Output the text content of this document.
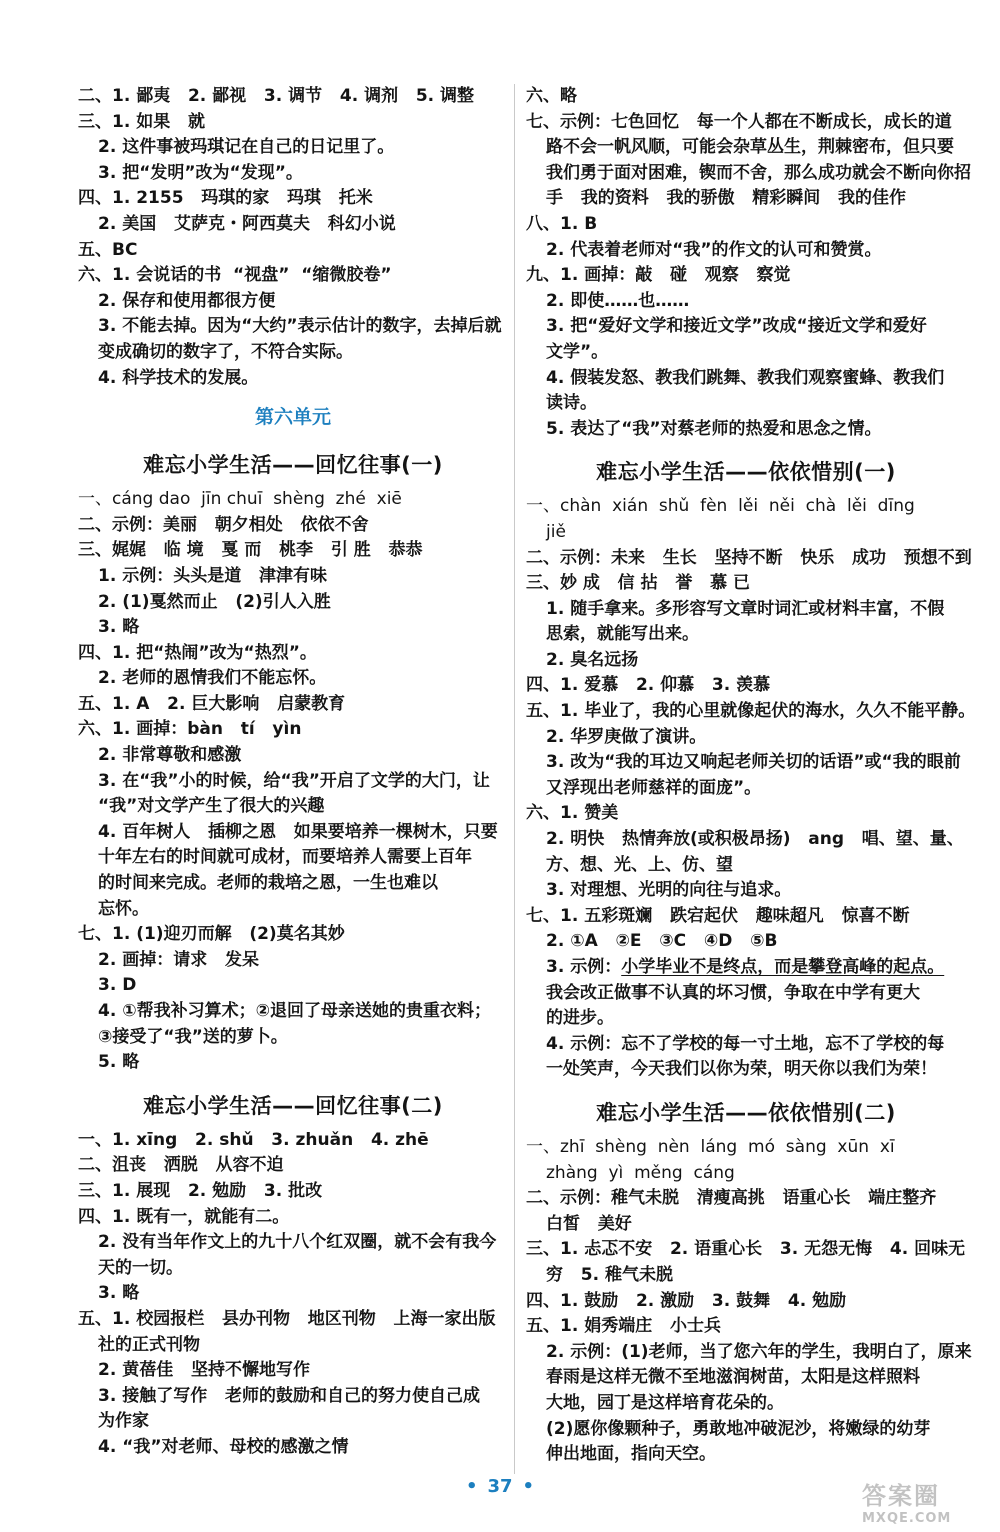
二、1. 鄙夷   2. 鄙视   3. 调节   4. 调剂   5. 调整
三、1. 如果   就
2. 这件事被玛琪记在自己的日记里了。
3. 把“发明”改为“发现”。
四、1. 2155   玛琪的家   玛琪   托米
2. 美国   艾萨克・阿西莫夫   科幻小说
五、BC
六、1. 会说话的书  “视盘”  “缩微胶卷”
2. 保存和使用都很方便
3. 不能去掉。因为“大约”表示估计的数字，去掉后就
变成确切的数字了，不符合实际。
4. 科学技术的发展。
第六单元
难忘小学生活——回忆往事(一)
一、cáng dao  jīn chuī  shèng  zhé  xiē
二、示例：美丽   朝夕相处   依依不舍
三、娓娓   临 境   戛 而   桃李   引 胜   恭恭
1. 示例：头头是道   津津有味
2. (1)戛然而止   (2)引人入胜
3. 略
四、1. 把“热闹”改为“热烈”。
2. 老师的恩情我们不能忘怀。
五、1. A   2. 巨大影响   启蒙教育
六、1. 画掉：bàn   tí   yìn
2. 非常尊敬和感激
3. 在“我”小的时候，给“我”开启了文学的大门，让
“我”对文学产生了很大的兴趣
4. 百年树人   插柳之恩   如果要培养一棵树木，只要
十年左右的时间就可成材，而要培养人需要上百年
的时间来完成。老师的栽培之恩，一生也难以
忘怀。
七、1. (1)迎刃而解   (2)莫名其妙
2. 画掉：请求   发呆
3. D
4. ①帮我补习算术；②退回了母亲送她的贵重衣料；
③接受了“我”送的萝卜。
5. 略
难忘小学生活——回忆往事(二)
一、1. xīng   2. shǔ   3. zhuǎn   4. zhē
二、沮丧   洒脱   从容不迫
三、1. 展现   2. 勉励   3. 批改
四、1. 既有一，就能有二。
2. 没有当年作文上的九十八个红双圈，就不会有我今
天的一切。
3. 略
五、1. 校园报栏   县办刊物   地区刊物   上海一家出版
社的正式刊物
2. 黄蓓佳   坚持不懈地写作
3. 接触了写作   老师的鼓励和自己的努力使自己成
为作家
4. “我”对老师、母校的感激之情
六、略
七、示例：七色回忆   每一个人都在不断成长，成长的道
路不会一帆风顺，可能会杂草丛生，荆棘密布，但只要
我们勇于面对困难，锲而不舍，那么成功就会不断向你招
手   我的资料   我的骄傲   精彩瞬间   我的佳作
八、1. B
2. 代表着老师对“我”的作文的认可和赞赏。
九、1. 画掉：敲   碰   观察   察觉
2. 即使……也……
3. 把“爱好文学和接近文学”改成“接近文学和爱好
文学”。
4. 假装发怒、教我们跳舞、教我们观察蜜蜂、教我们
读诗。
5. 表达了“我”对蔡老师的热爱和思念之情。
难忘小学生活——依依惜别(一)
一、chàn  xián  shǔ  fèn  lěi  něi  chà  lěi  dīng
jiě
二、示例：未来   生长   坚持不断   快乐   成功   预想不到
三、妙 成   信 拈   誉   慕 已
1. 随手拿来。多形容写文章时词汇或材料丰富，不假
思索，就能写出来。
2. 臭名远扬
四、1. 爱慕   2. 仰慕   3. 羡慕
五、1. 毕业了，我的心里就像起伏的海水，久久不能平静。
2. 华罗庚做了演讲。
3. 改为“我的耳边又响起老师关切的话语”或“我的眼前
又浮现出老师慈祥的面庞”。
六、1. 赞美
2. 明快   热情奔放(或积极昂扬)   ang   唱、望、量、
方、想、光、上、仿、望
3. 对理想、光明的向往与追求。
七、1. 五彩斑斓   跌宕起伏   趣味超凡   惊喜不断
2. ①A   ②E   ③C   ④D   ⑤B
3. 示例：小学毕业不是终点，而是攀登高峰的起点。
我会改正做事不认真的坏习惯，争取在中学有更大
的进步。
4. 示例：忘不了学校的每一寸土地，忘不了学校的每
一处笑声，今天我们以你为荣，明天你以我们为荣！
难忘小学生活——依依惜别(二)
一、zhī  shèng  nèn  láng  mó  sàng  xūn  xī
zhàng  yì  měng  cáng
二、示例：稚气未脱   清瘦高挑   语重心长   端庄整齐
白皙   美好
三、1. 忐忑不安   2. 语重心长   3. 无怨无悔   4. 回味无
穷   5. 稚气未脱
四、1. 鼓励   2. 激励   3. 鼓舞   4. 勉励
五、1. 娟秀端庄   小士兵
2. 示例：(1)老师，当了您六年的学生，我明白了，原来
春雨是这样无微不至地滋润树苗，太阳是这样照料
大地，园丁是这样培育花朵的。
(2)愿你像颗种子，勇敢地冲破泥沙，将嫩绿的幼芽
伸出地面，指向天空。
• 37 •	答案圈
MXQE.COM
